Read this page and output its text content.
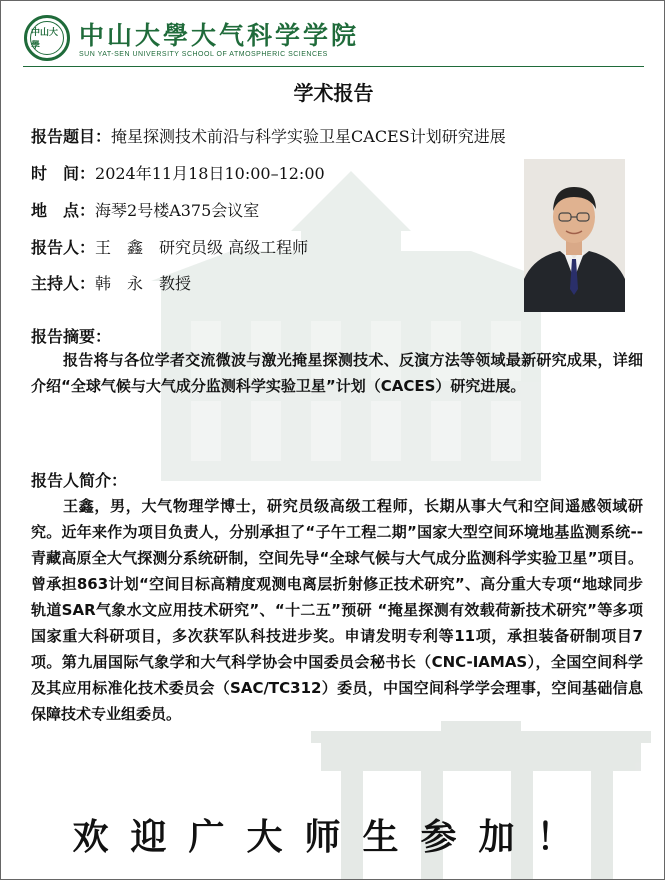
中山大學	中山大學大气科学学院
SUN YAT-SEN UNIVERSITY SCHOOL OF ATMOSPHERIC SCIENCES
学术报告
报告题目：掩星探测技术前沿与科学实验卫星CACES计划研究进展
时　间：2024年11月18日10:00–12:00
地　点：海琴2号楼A375会议室
报告人：王　鑫　研究员级 高级工程师
主持人：韩　永　教授
报告摘要：
报告将与各位学者交流微波与激光掩星探测技术、反演方法等领域最新研究成果，详细介绍“全球气候与大气成分监测科学实验卫星”计划（CACES）研究进展。
报告人简介：
王鑫，男，大气物理学博士，研究员级高级工程师，长期从事大气和空间遥感领域研究。近年来作为项目负责人，分别承担了“子午工程二期”国家大型空间环境地基监测系统--青藏高原全大气探测分系统研制，空间先导“全球气候与大气成分监测科学实验卫星”项目。曾承担863计划“空间目标高精度观测电离层折射修正技术研究”、高分重大专项“地球同步轨道SAR气象水文应用技术研究”、“十二五”预研 “掩星探测有效载荷新技术研究”等多项国家重大科研项目，多次获军队科技进步奖。申请发明专利等11项，承担装备研制项目7项。第九届国际气象学和大气科学协会中国委员会秘书长（CNC-IAMAS），全国空间科学及其应用标准化技术委员会（SAC/TC312）委员，中国空间科学学会理事，空间基础信息保障技术专业组委员。
欢迎广大师生参加！
